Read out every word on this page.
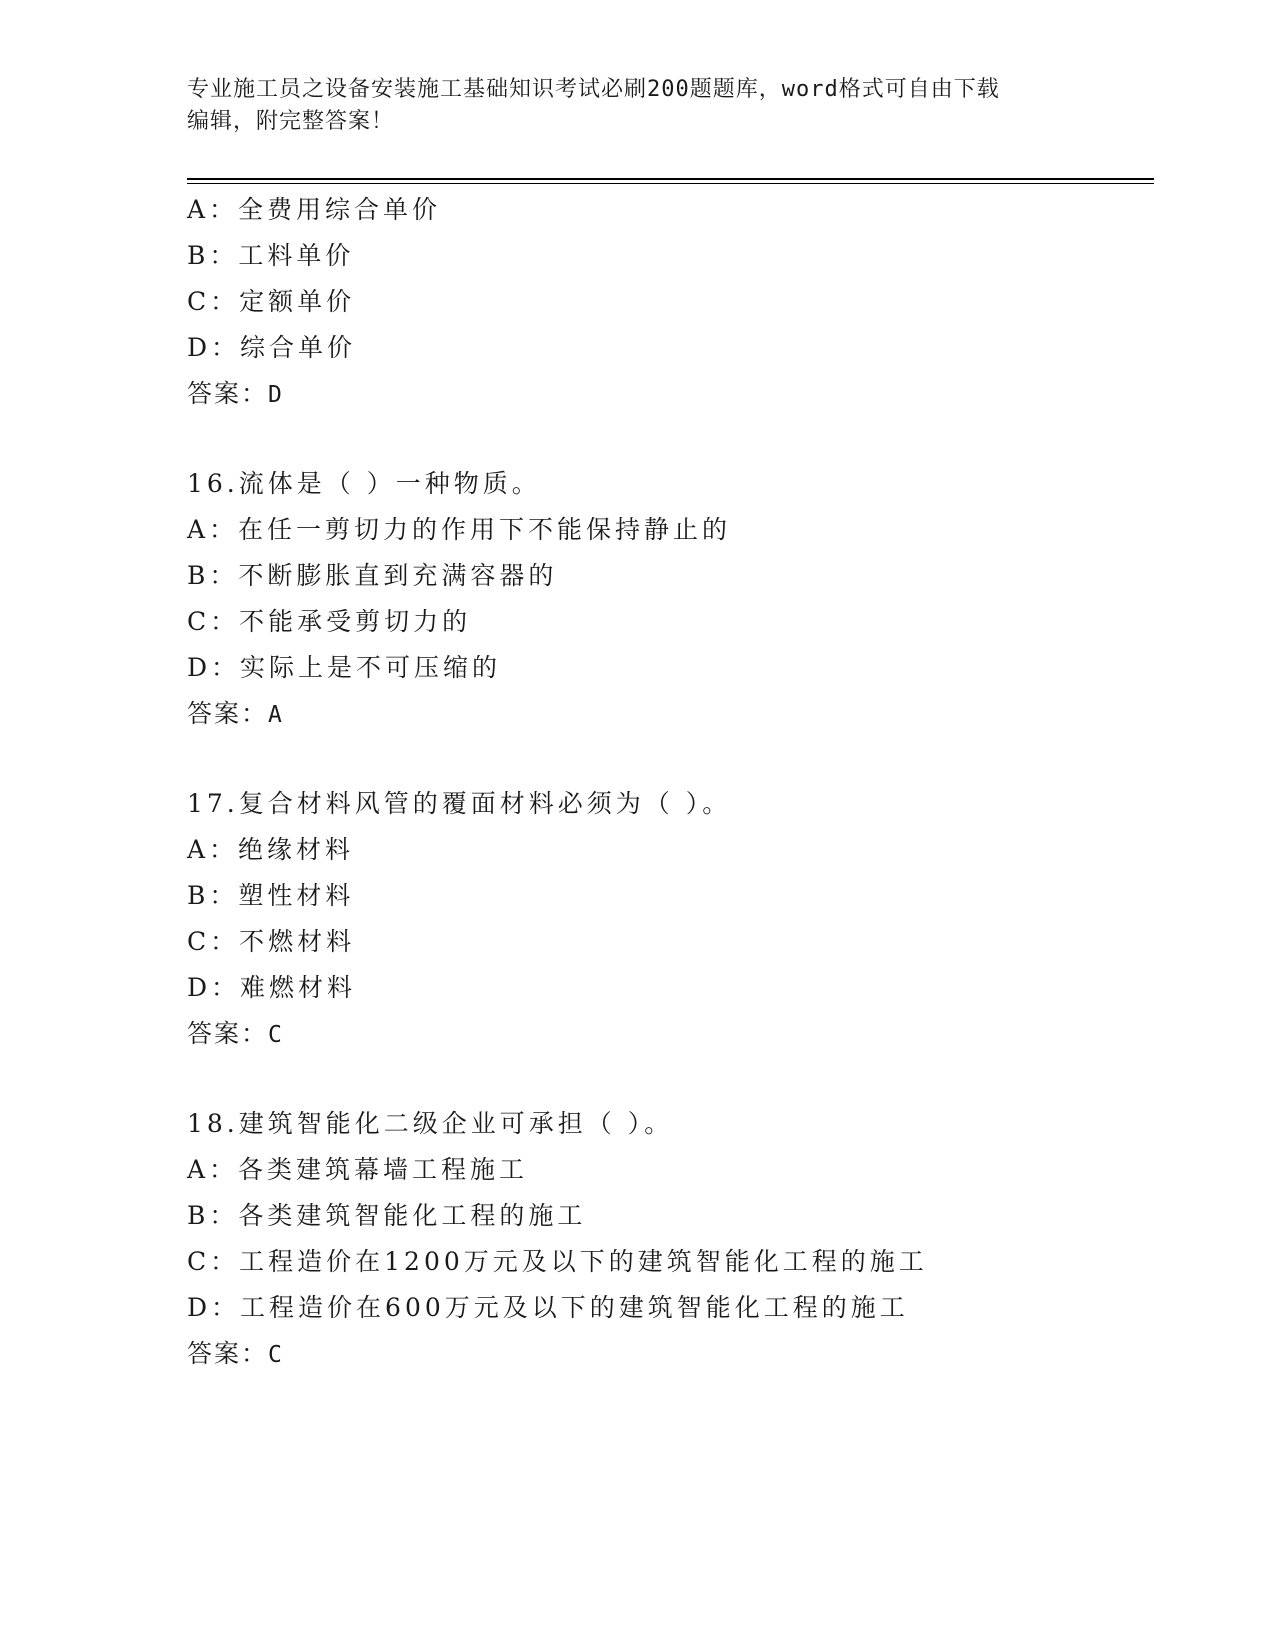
专业施工员之设备安装施工基础知识考试必刷200题题库，word格式可自由下载
编辑，附完整答案！
A：全费用综合单价
B：工料单价
C：定额单价
D：综合单价
答案：D
16.流体是（ ）一种物质。
A：在任一剪切力的作用下不能保持静止的
B：不断膨胀直到充满容器的
C：不能承受剪切力的
D：实际上是不可压缩的
答案：A
17.复合材料风管的覆面材料必须为（ ）。
A：绝缘材料
B：塑性材料
C：不燃材料
D：难燃材料
答案：C
18.建筑智能化二级企业可承担（ ）。
A：各类建筑幕墙工程施工
B：各类建筑智能化工程的施工
C：工程造价在1200万元及以下的建筑智能化工程的施工
D：工程造价在600万元及以下的建筑智能化工程的施工
答案：C
